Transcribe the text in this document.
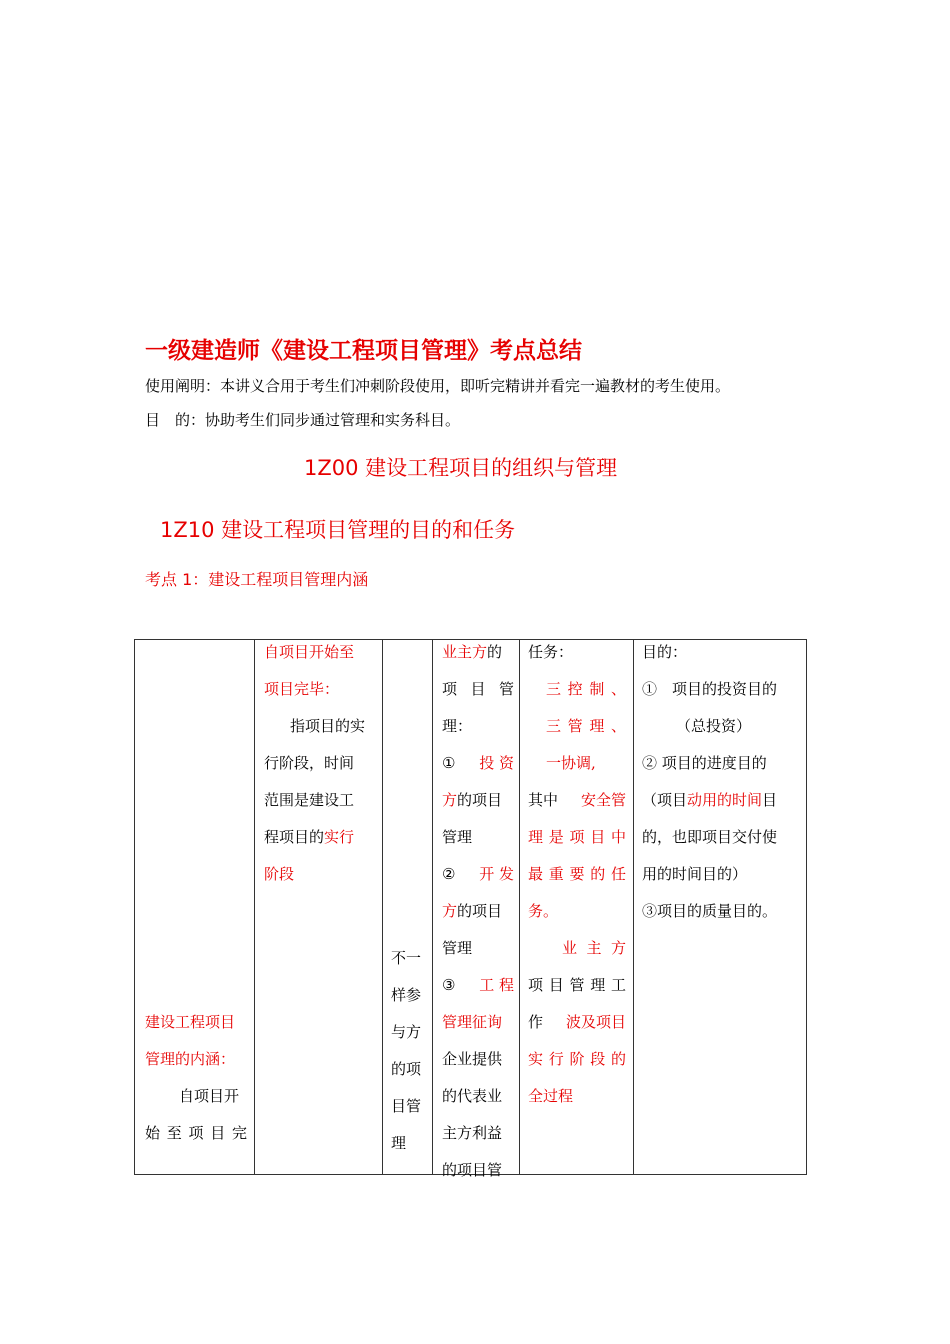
一级建造师《建设工程项目管理》考点总结
使用阐明：本讲义合用于考生们冲刺阶段使用，即听完精讲并看完一遍教材的考生使用。
目　的：协助考生们同步通过管理和实务科目。
1Z00 建设工程项目的组织与管理
1Z10 建设工程项目管理的目的和任务
考点 1：建设工程项目管理内涵
建设工程项目
管理的内涵：
自项目开
始至项目完
自项目开始至
项目完毕：
指项目的实
行阶段，时间
范围是建设工
程项目的实行
阶段
不一
样参
与方
的项
目管
理
业主方的
项 目 管
理：
① 投 资
方的项目
管理
② 开 发
方的项目
管理
③ 工 程
管理征询
企业提供
的代表业
主方利益
的项目管
任务：
三控制、
三管理、
一协调,
其中 安全管
理是项目中
最重要的任
务。
业 主 方
项目管理工
作 波及项目
实行阶段的
全过程
目的：
①　项目的投资目的
（总投资）
② 项目的进度目的
（项目动用的时间目
的，也即项目交付使
用的时间目的）
③项目的质量目的。
